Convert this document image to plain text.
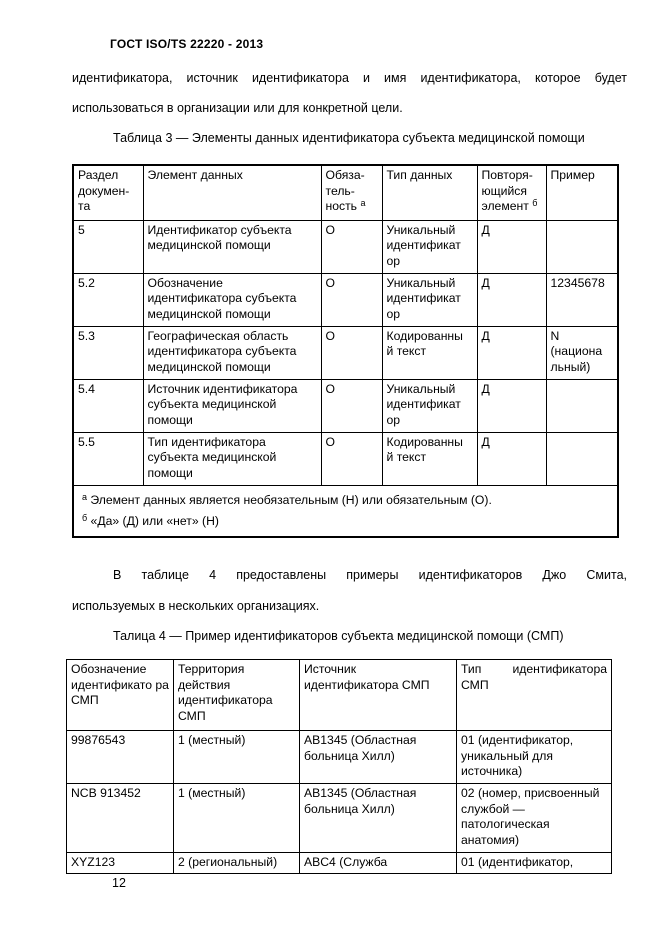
ГОСТ ISO/TS 22220 - 2013
идентификатора, источник идентификатора и имя идентификатора, которое будет
использоваться в организации или для конкретной цели.
Таблица 3 — Элементы данных идентификатора субъекта медицинской помощи
Раздел докумен-та	Элемент данных	Обяза-тель-ность $^а$	Тип данных	Повторя-ющийся элемент $^б$	Пример
5	Идентификатор субъекта медицинской помощи	О	Уникальный идентификат ор	Д	
5.2	Обозначение идентификатора субъекта медицинской помощи	О	Уникальный идентификат ор	Д	12345678
5.3	Географическая область идентификатора субъекта медицинской помощи	О	Кодированны й текст	Д	N (национа льный)
5.4	Источник идентификатора субъекта медицинской помощи	О	Уникальный идентификат ор	Д	
5.5	Тип идентификатора субъекта медицинской помощи	О	Кодированны й текст	Д	

$^а$ Элемент данных является необязательным (Н) или обязательным (О).
$^б$ «Да» (Д) или «нет» (Н)					
В таблице 4 предоставлены примеры идентификаторов Джо Смита,
используемых в нескольких организациях.
Талица 4 — Пример идентификаторов субъекта медицинской помощи (СМП)
Обозначение идентификато ра СМП	Территория действия идентификатора СМП	Источник идентификатора СМП	Тип идентификатора СМП
99876543	1 (местный)	AB1345 (Областная больница Хилл)	01 (идентификатор, уникальный для источника)
NCB 913452	1 (местный)	AB1345 (Областная больница Хилл)	02 (номер, присвоенный службой — патологическая анатомия)
XYZ123	2 (региональный)	ABC4 (Служба	01 (идентификатор,
12
